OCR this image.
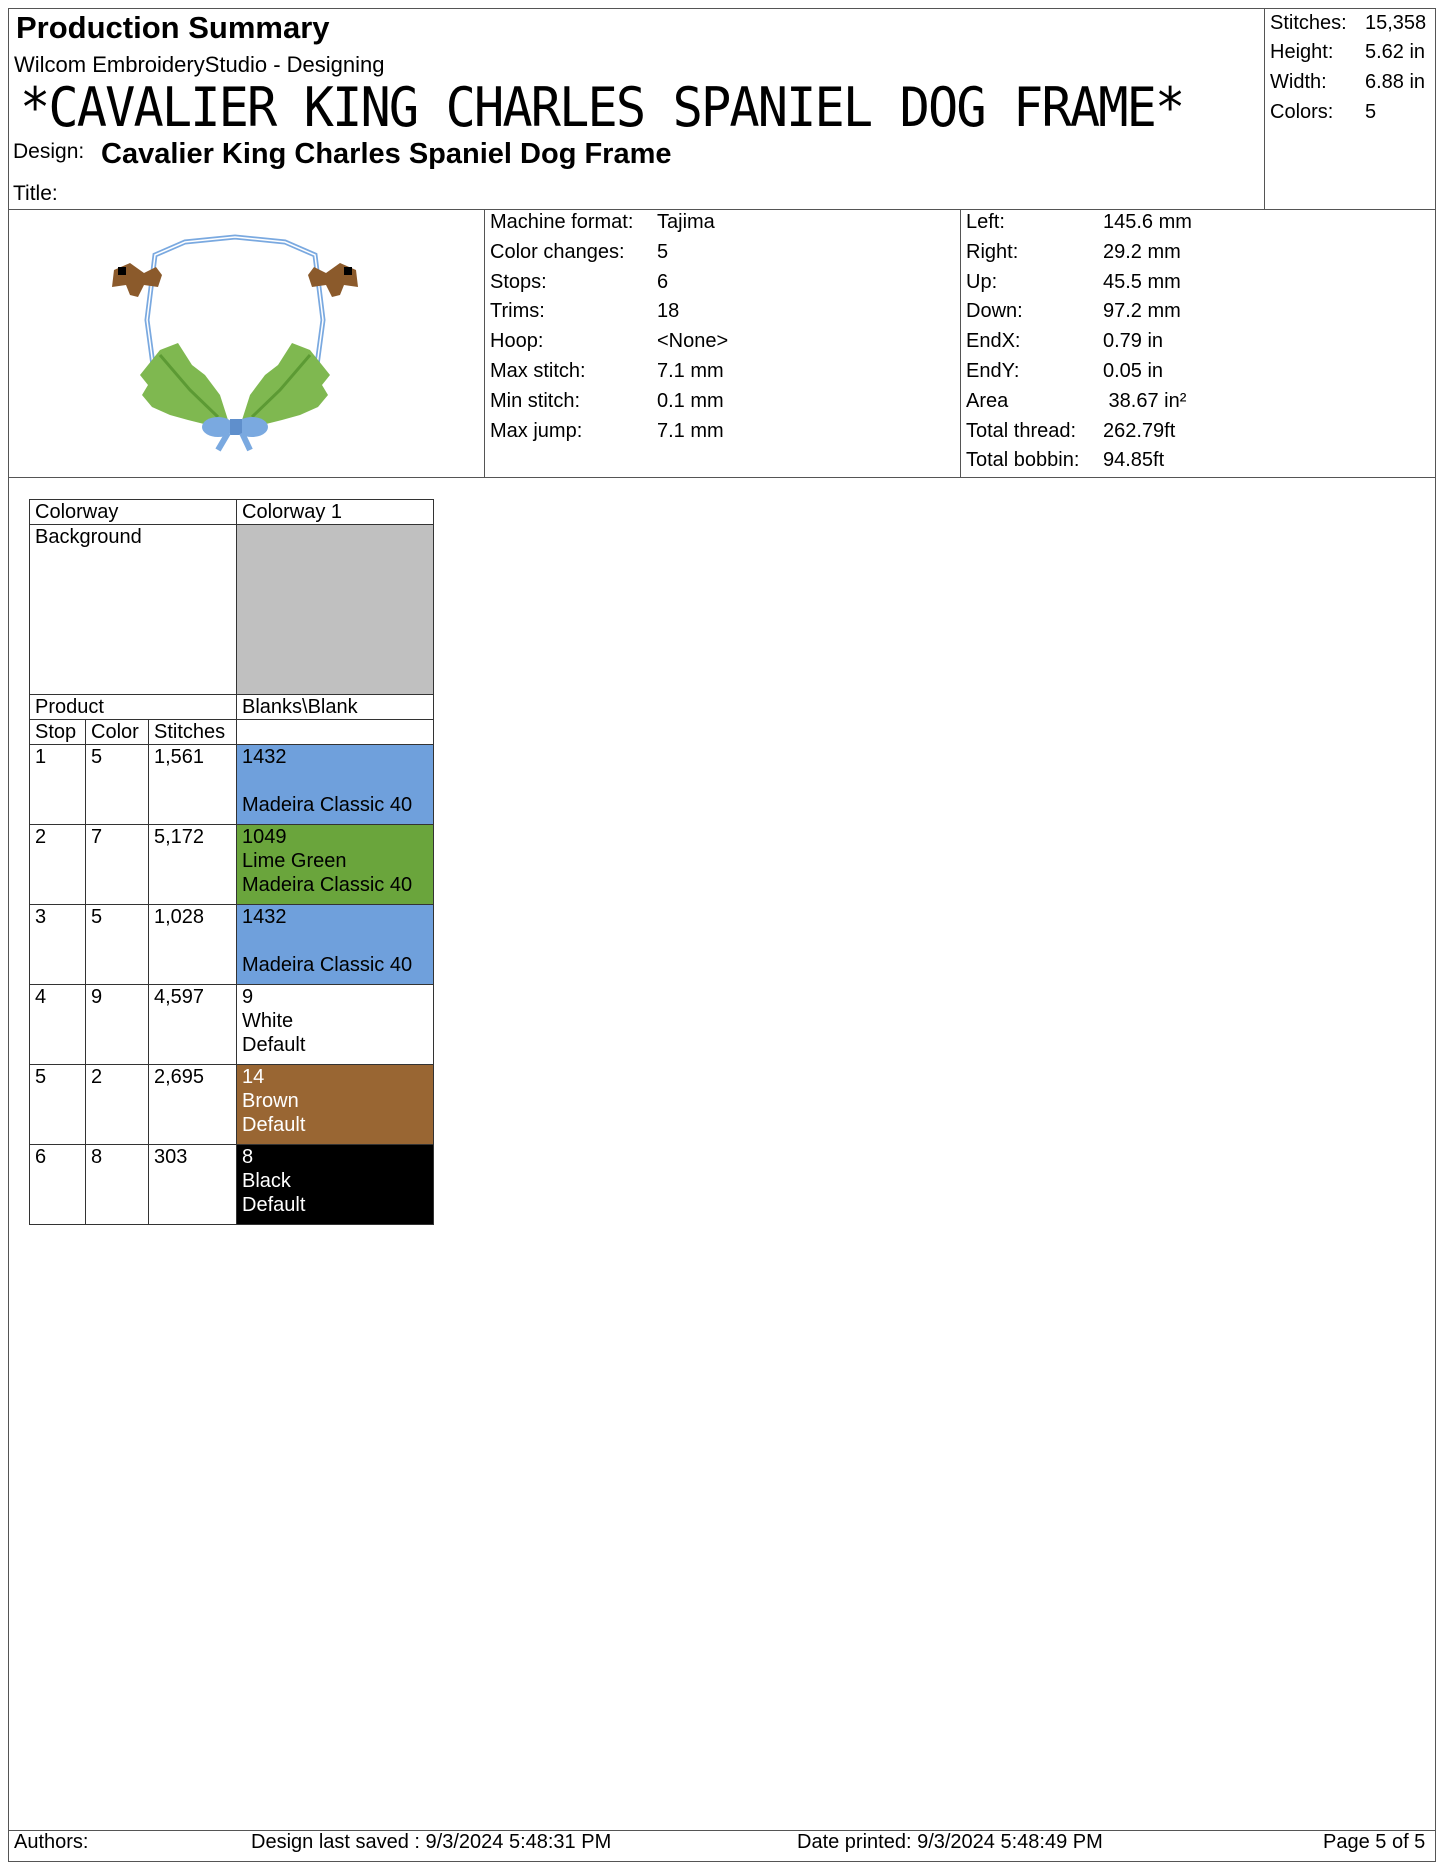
Production Summary
Wilcom EmbroideryStudio - Designing
*CAVALIER KING CHARLES SPANIEL DOG FRAME*
Design: Cavalier King Charles Spaniel Dog Frame
Title:
Stitches: 15,358
Height: 5.62 in
Width: 6.88 in
Colors: 5
Machine format: Tajima
Color changes: 5
Stops:	6
Trims:	18
Hoop:	<None>
Max stitch:	7.1 mm
Min stitch:	0.1 mm
Max jump:	7.1 mm
Left:	145.6 mm
Right:	29.2 mm
Up:	45.5 mm
Down:	97.2 mm
EndX:	0.79 in
EndY:	0.05 in
Area	38.67 in²
Total thread: 262.79ft
Total bobbin: 94.85ft
Colorway			Colorway 1
Background			
Product			Blanks\Blank
Stop	Color	Stitches	
1	5	1,561	1432
Madeira Classic 40

2	7	5,172	1049
Lime Green
Madeira Classic 40

3	5	1,028	1432
Madeira Classic 40

4	9	4,597	9
White
Default

5	2	2,695	14
Brown
Default

6	8	303	8
Black
Default
Authors:	Design last saved : 9/3/2024 5:48:31 PM	Date printed: 9/3/2024 5:48:49 PM	Page 5 of 5
